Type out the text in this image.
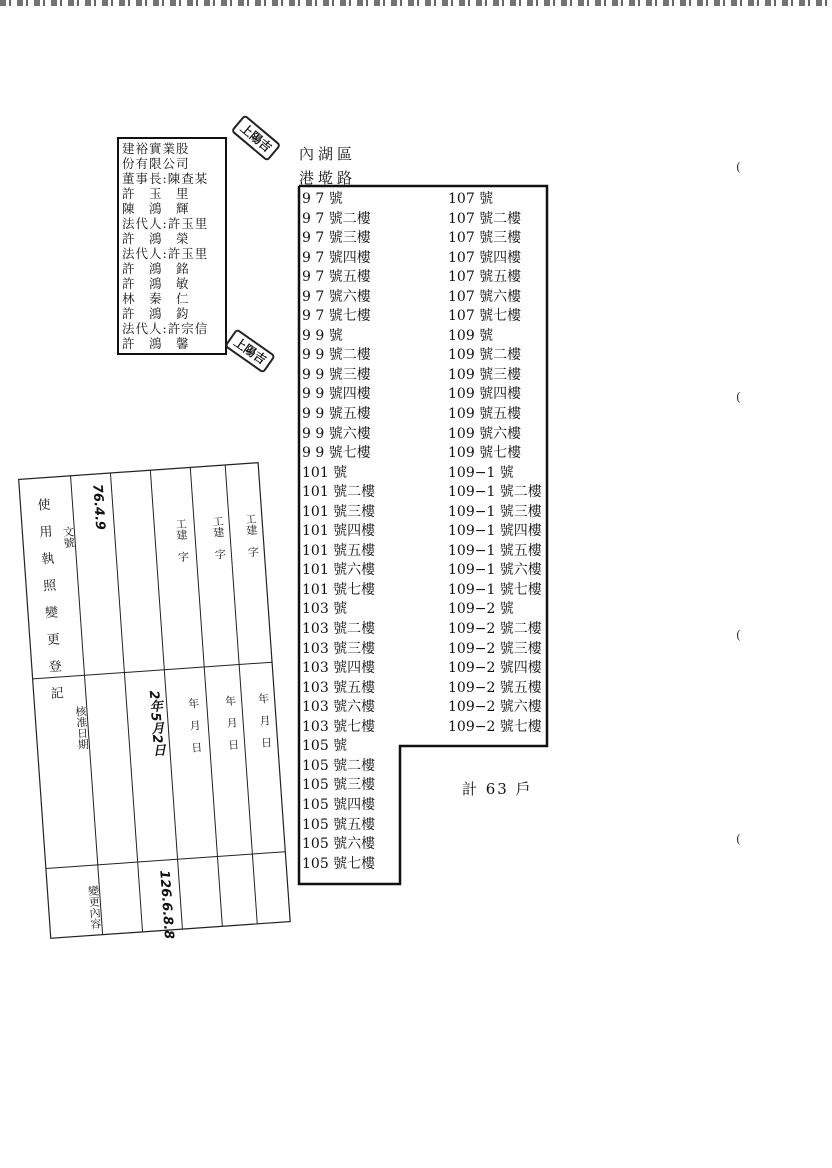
建裕實業股
份有限公司
董事長:陳查某
許　玉　里
陳　鴻　輝
法代人:許玉里
許　鴻　榮
法代人:許玉里
許　鴻　銘
許　鴻　敏
林　秦　仁
許　鴻　鈞
法代人:許宗信
許　鴻　馨
上陽吉
上陽吉
內湖區
港墘路
9 7 號
9 7 號二樓
9 7 號三樓
9 7 號四樓
9 7 號五樓
9 7 號六樓
9 7 號七樓
9 9 號
9 9 號二樓
9 9 號三樓
9 9 號四樓
9 9 號五樓
9 9 號六樓
9 9 號七樓
101 號
101 號二樓
101 號三樓
101 號四樓
101 號五樓
101 號六樓
101 號七樓
103 號
103 號二樓
103 號三樓
103 號四樓
103 號五樓
103 號六樓
103 號七樓
105 號
105 號二樓
105 號三樓
105 號四樓
105 號五樓
105 號六樓
105 號七樓
107 號
107 號二樓
107 號三樓
107 號四樓
107 號五樓
107 號六樓
107 號七樓
109 號
109 號二樓
109 號三樓
109 號四樓
109 號五樓
109 號六樓
109 號七樓
109−1 號
109−1 號二樓
109−1 號三樓
109−1 號四樓
109−1 號五樓
109−1 號六樓
109−1 號七樓
109−2 號
109−2 號二樓
109−2 號三樓
109−2 號四樓
109−2 號五樓
109−2 號六樓
109−2 號七樓
計 63 戶
使用執照變更登記
變更內容
核准日期
文號
76.4.9
2年5月2日
126.6.8.8
年　月　日 年　月　日 年　月　日
工建　字 工建　字 工建　字
(
(
(
(
